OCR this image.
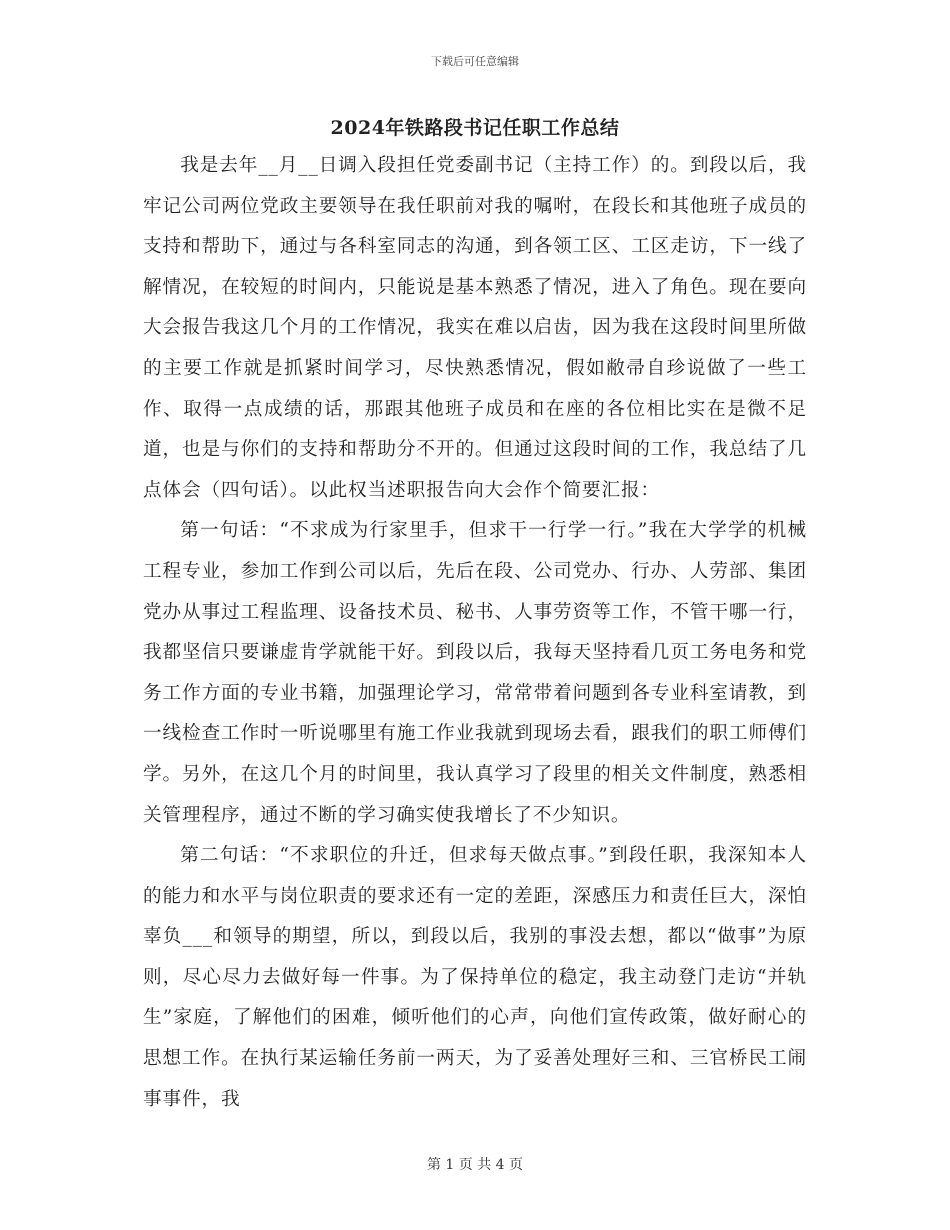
下载后可任意编辑
2024年铁路段书记任职工作总结

我是去年__月__日调入段担任党委副书记（主持工作）的。到段以后，我牢记公司两位党政主要领导在我任职前对我的嘱咐，在段长和其他班子成员的支持和帮助下，通过与各科室同志的沟通，到各领工区、工区走访，下一线了解情况，在较短的时间内，只能说是基本熟悉了情况，进入了角色。现在要向大会报告我这几个月的工作情况，我实在难以启齿，因为我在这段时间里所做的主要工作就是抓紧时间学习，尽快熟悉情况，假如敝帚自珍说做了一些工作、取得一点成绩的话，那跟其他班子成员和在座的各位相比实在是微不足道，也是与你们的支持和帮助分不开的。但通过这段时间的工作，我总结了几点体会（四句话）。以此权当述职报告向大会作个简要汇报：

第一句话：“不求成为行家里手，但求干一行学一行。”我在大学学的机械工程专业，参加工作到公司以后，先后在段、公司党办、行办、人劳部、集团党办从事过工程监理、设备技术员、秘书、人事劳资等工作，不管干哪一行，我都坚信只要谦虚肯学就能干好。到段以后，我每天坚持看几页工务电务和党务工作方面的专业书籍，加强理论学习，常常带着问题到各专业科室请教，到一线检查工作时一听说哪里有施工作业我就到现场去看，跟我们的职工师傅们学。另外，在这几个月的时间里，我认真学习了段里的相关文件制度，熟悉相关管理程序，通过不断的学习确实使我增长了不少知识。

第二句话：“不求职位的升迁，但求每天做点事。”到段任职，我深知本人的能力和水平与岗位职责的要求还有一定的差距，深感压力和责任巨大，深怕辜负___和领导的期望，所以，到段以后，我别的事没去想，都以“做事”为原则，尽心尽力去做好每一件事。为了保持单位的稳定，我主动登门走访“并轨生”家庭，了解他们的困难，倾听他们的心声，向他们宣传政策，做好耐心的思想工作。在执行某运输任务前一两天，为了妥善处理好三和、三官桥民工闹事事件，我

第 1 页 共 4 页
